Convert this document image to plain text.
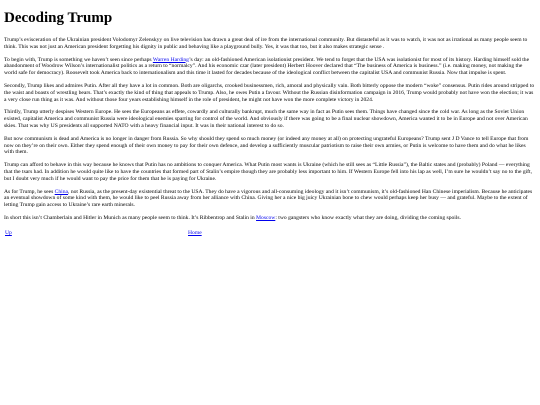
Decoding Trump

Trump’s evisceration of the Ukrainian president Volodomyr Zelenskyy on live television has drawn a great deal of ire from the international community. But distasteful as it was to watch, it was not as irrational as many people seem to think. This was not just an American president forgetting his dignity in public and behaving like a playground bully. Yes, it was that too, but it also makes strategic sense .

To begin with, Trump is something we haven’t seen since perhaps Warren Harding’s day: an old-fashioned American isolationist president. We tend to forget that the USA was isolationist for most of its history. Harding himself sold the abandonment of Woodrow Wilson’s internationalist politics as a return to “normalcy”. And his economic czar (later president) Herbert Hoover declared that “The business of America is business.” (i.e. making money, not making the world safe for democracy). Roosevelt took America back to internationalism and this time it lasted for decades because of the ideological conflict between the capitalist USA and communist Russia. Now that impulse is spent.

Secondly, Trump likes and admires Putin. After all they have a lot in common. Both are oligarchs, crooked businessmen, rich, amoral and physically vain. Both bitterly oppose the modern “woke” consensus. Putin rides around stripped to the waist and boasts of wrestling bears. That’s exactly the kind of thing that appeals to Trump. Also, he owes Putin a favour. Without the Russian disinformation campaign in 2016, Trump would probably not have won the election; it was a very close run thing as it was. And without those four years establishing himself in the role of president, he might not have won the more complete victory in 2024.

Thirdly, Trump utterly despises Western Europe. He sees the Europeans as effete, cowardly and culturally bankrupt, much the same way in fact as Putin sees them. Things have changed since the cold war. As long as the Soviet Union existed, capitalist America and communist Russia were ideological enemies sparring for control of the world. And obviously if there was going to be a final nuclear showdown, America wanted it to be in Europe and not over American skies. That was why US presidents all supported NATO with a heavy financial input. It was in their national interest to do so.

But now communism is dead and America is no longer in danger from Russia. So why should they spend so much money (or indeed any money at all) on protecting ungrateful Europeans? Trump sent J D Vance to tell Europe that from now on they’re on their own. Either they spend enough of their own money to pay for their own defence, and develop a sufficiently muscular patriotism to raise their own armies, or Putin is welcome to have them and do what he likes with them.

Trump can afford to behave in this way because he knows that Putin has no ambitions to conquer America. What Putin most wants is Ukraine (which he still sees as “Little Russia”), the Baltic states and (probably) Poland — everything that the tsars had. In addition he would quite like to have the countries that formed part of Stalin’s empire though they are probably less important to him. If Western Europe fell into his lap as well, I’m sure he wouldn’t say no to the gift, but I doubt very much if he would want to pay the price for them that he is paying for Ukraine.

As for Trump, he sees China, not Russia, as the present-day existential threat to the USA. They do have a vigorous and all-consuming ideology and it isn’t communism, it’s old-fashioned Han Chinese imperialism. Because he anticipates an eventual showdown of some kind with them, he would like to peel Russia away from her alliance with China. Giving her a nice big juicy Ukrainian bone to chew would perhaps keep her busy — and grateful. Maybe to the extent of letting Trump gain access to Ukraine’s rare earth minerals.

In short this isn’t Chamberlain and Hitler in Munich as many people seem to think. It’s Ribbentrop and Stalin in Moscow: two gangsters who know exactly what they are doing, dividing the coming spoils.

Up	Home
